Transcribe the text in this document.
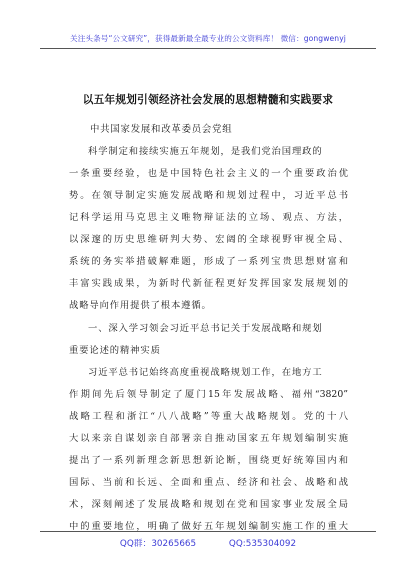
关注头条号“公文研究”，获得最新最全最专业的公文资料库！ 微信：gongwenyj
以五年规划引领经济社会发展的思想精髓和实践要求
中共国家发展和改革委员会党组
科学制定和接续实施五年规划，是我们党治国理政的
一条重要经验，也是中国特色社会主义的一个重要政治优
势。在领导制定实施发展战略和规划过程中，习近平总书
记科学运用马克思主义唯物辩证法的立场、观点、方法，
以深邃的历史思维研判大势、宏阔的全球视野审视全局、
系统的务实举措破解难题，形成了一系列宝贵思想财富和
丰富实践成果，为新时代新征程更好发挥国家发展规划的
战略导向作用提供了根本遵循。
一、深入学习领会习近平总书记关于发展战略和规划
重要论述的精神实质
习近平总书记始终高度重视战略规划工作，在地方工
作期间先后领导制定了厦门15年发展战略、福州“3820”
战略工程和浙江“八八战略”等重大战略规划。党的十八
大以来亲自谋划亲自部署亲自推动国家五年规划编制实施
提出了一系列新理念新思想新论断，围绕更好统筹国内和
国际、当前和长远、全面和重点、经济和社会、战略和战
术，深刻阐述了发展战略和规划在党和国家事业发展全局
中的重要地位，明确了做好五年规划编制实施工作的重大
QQ群：30265665	QQ:535304092
